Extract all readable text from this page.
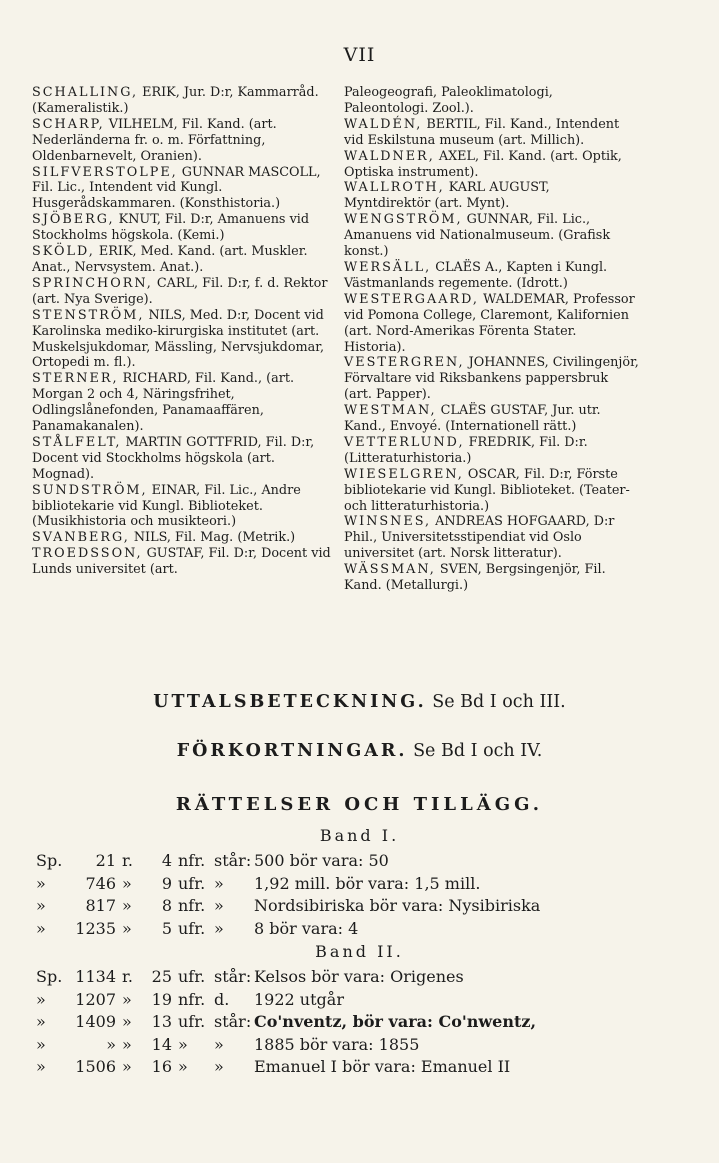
VII

SCHALLING, ERIK, Jur. D:r, Kammarråd. (Kameralistik.)

SCHARP, VILHELM, Fil. Kand. (art. Nederländerna fr. o. m. Författning, Oldenbarnevelt, Oranien).

SILFVERSTOLPE, GUNNAR MASCOLL, Fil. Lic., Intendent vid Kungl. Husgerådskammaren. (Konsthistoria.)

SJÖBERG, KNUT, Fil. D:r, Amanuens vid Stockholms högskola. (Kemi.)

SKÖLD, ERIK, Med. Kand. (art. Muskler. Anat., Nervsystem. Anat.).

SPRINCHORN, CARL, Fil. D:r, f. d. Rektor (art. Nya Sverige).

STENSTRÖM, NILS, Med. D:r, Docent vid Karolinska mediko-kirurgiska institutet (art. Muskelsjukdomar, Mässling, Nervsjukdomar, Ortopedi m. fl.).

STERNER, RICHARD, Fil. Kand., (art. Morgan 2 och 4, Näringsfrihet, Odlingslånefonden, Panamaaffären, Panamakanalen).

STÅLFELT, MARTIN GOTTFRID, Fil. D:r, Docent vid Stockholms högskola (art. Mognad).

SUNDSTRÖM, EINAR, Fil. Lic., Andre bibliotekarie vid Kungl. Biblioteket. (Musikhistoria och musikteori.)

SVANBERG, NILS, Fil. Mag. (Metrik.)

TROEDSSON, GUSTAF, Fil. D:r, Docent vid Lunds universitet (art.

Paleogeografi, Paleoklimatologi, Paleontologi. Zool.).

WALDÉN, BERTIL, Fil. Kand., Intendent vid Eskilstuna museum (art. Millich).

WALDNER, AXEL, Fil. Kand. (art. Optik, Optiska instrument).

WALLROTH, KARL AUGUST, Myntdirektör (art. Mynt).

WENGSTRÖM, GUNNAR, Fil. Lic., Amanuens vid Nationalmuseum. (Grafisk konst.)

WERSÄLL, CLAËS A., Kapten i Kungl. Västmanlands regemente. (Idrott.)

WESTERGAARD, WALDEMAR, Professor vid Pomona College, Claremont, Kalifornien (art. Nord-Amerikas Förenta Stater. Historia).

VESTERGREN, JOHANNES, Civilingenjör, Förvaltare vid Riksbankens pappersbruk (art. Papper).

WESTMAN, CLAËS GUSTAF, Jur. utr. Kand., Envoyé. (Internationell rätt.)

VETTERLUND, FREDRIK, Fil. D:r. (Litteraturhistoria.)

WIESELGREN, OSCAR, Fil. D:r, Förste bibliotekarie vid Kungl. Biblioteket. (Teater- och litteraturhistoria.)

WINSNES, ANDREAS HOFGAARD, D:r Phil., Universitetsstipendiat vid Oslo universitet (art. Norsk litteratur).

WÄSSMAN, SVEN, Bergsingenjör, Fil. Kand. (Metallurgi.)

UTTALSBETECKNING. Se Bd I och III.
FÖRKORTNINGAR. Se Bd I och IV.
RÄTTELSER OCH TILLÄGG.
Band I.
Sp.	21	r.	4	nfr.	står:	500 bör vara: 50
»	746	»	9	ufr.	»	1,92 mill. bör vara: 1,5 mill.
»	817	»	8	nfr.	»	Nordsibiriska bör vara: Nysibiriska
»	1235	»	5	ufr.	»	8 bör vara: 4
Band II.
Sp.	1134	r.	25	ufr.	står:	Kelsos bör vara: Origenes
»	1207	»	19	nfr.	d.	1922 utgår
»	1409	»	13	ufr.	står:	Co'nventz, bör vara: Co'nwentz,
»	»	»	14	»	»	1885 bör vara: 1855
»	1506	»	16	»	»	Emanuel I bör vara: Emanuel II
